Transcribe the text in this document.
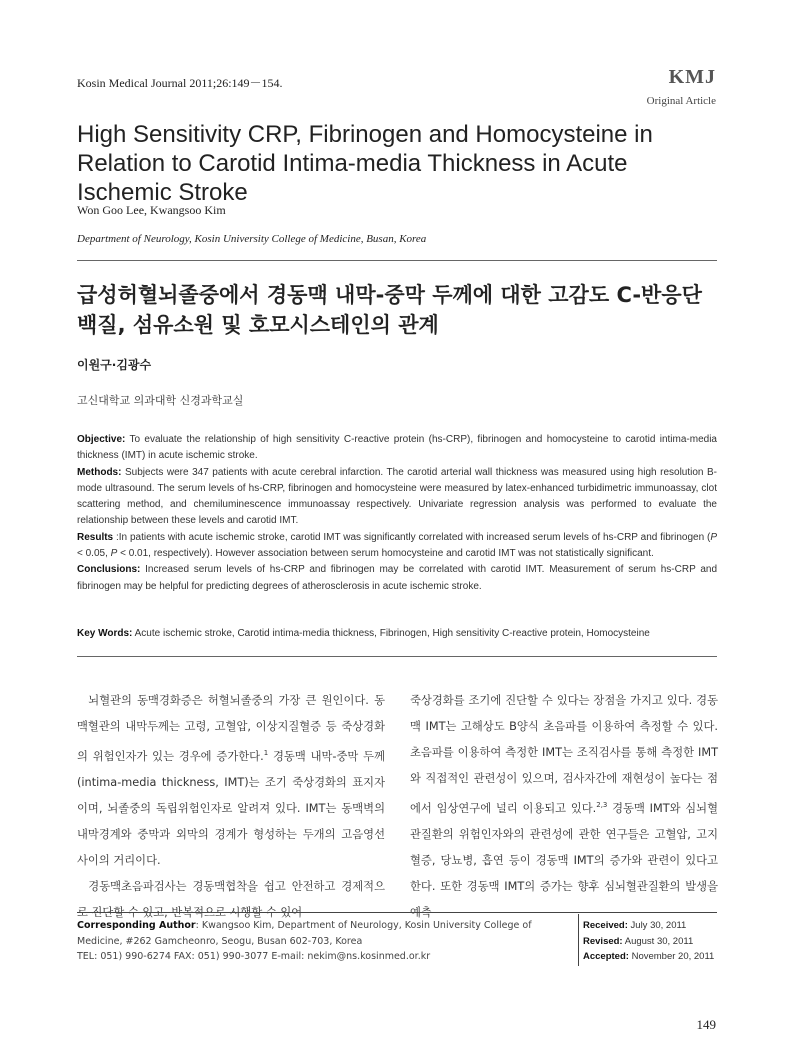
Kosin Medical Journal 2011;26:149－154.	KMJ
Original Article
High Sensitivity CRP, Fibrinogen and Homocysteine in Relation to Carotid Intima-media Thickness in Acute Ischemic Stroke
Won Goo Lee, Kwangsoo Kim
Department of Neurology, Kosin University College of Medicine, Busan, Korea
급성허혈뇌졸중에서 경동맥 내막-중막 두께에 대한 고감도 C-반응단백질, 섬유소원 및 호모시스테인의 관계
이원구·김광수
고신대학교 의과대학 신경과학교실

Objective: To evaluate the relationship of high sensitivity C-reactive protein (hs-CRP), fibrinogen and homocysteine to carotid intima-media thickness (IMT) in acute ischemic stroke.

Methods: Subjects were 347 patients with acute cerebral infarction. The carotid arterial wall thickness was measured using high resolution B-mode ultrasound. The serum levels of hs-CRP, fibrinogen and homocysteine were measured by latex-enhanced turbidimetric immunoassay, clot scattering method, and chemiluminescence immunoassay respectively. Univariate regression analysis was performed to evaluate the relationship between these levels and carotid IMT.

Results :In patients with acute ischemic stroke, carotid IMT was significantly correlated with increased serum levels of hs-CRP and fibrinogen (P < 0.05, P < 0.01, respectively). However association between serum homocysteine and carotid IMT was not statistically significant.

Conclusions: Increased serum levels of hs-CRP and fibrinogen may be correlated with carotid IMT. Measurement of serum hs-CRP and fibrinogen may be helpful for predicting degrees of atherosclerosis in acute ischemic stroke.

Key Words: Acute ischemic stroke, Carotid intima-media thickness, Fibrinogen, High sensitivity C-reactive protein, Homocysteine

뇌혈관의 동맥경화증은 허혈뇌졸중의 가장 큰 원인이다. 동맥혈관의 내막두께는 고령, 고혈압, 이상지질혈증 등 죽상경화의 위험인자가 있는 경우에 증가한다.$^1$ 경동맥 내막-중막 두께(intima-media thickness, IMT)는 조기 죽상경화의 표지자이며, 뇌졸중의 독립위험인자로 알려져 있다. IMT는 동맥벽의 내막경계와 중막과 외막의 경계가 형성하는 두개의 고음영선 사이의 거리이다.

경동맥초음파검사는 경동맥협착을 쉽고 안전하고 경제적으로 진단할 수 있고, 반복적으로 시행할 수 있어

죽상경화를 조기에 진단할 수 있다는 장점을 가지고 있다. 경동맥 IMT는 고해상도 B양식 초음파를 이용하여 측정할 수 있다. 초음파를 이용하여 측정한 IMT는 조직검사를 통해 측정한 IMT와 직접적인 관련성이 있으며, 검사자간에 재현성이 높다는 점에서 임상연구에 널리 이용되고 있다.$^{2,3}$ 경동맥 IMT와 심뇌혈관질환의 위험인자와의 관련성에 관한 연구들은 고혈압, 고지혈증, 당뇨병, 흡연 등이 경동맥 IMT의 증가와 관련이 있다고 한다. 또한 경동맥 IMT의 증가는 향후 심뇌혈관질환의 발생을 예측

Corresponding Author: Kwangsoo Kim, Department of Neurology, Kosin University College of
Medicine, #262 Gamcheonro, Seogu, Busan 602-703, Korea
TEL: 051) 990-6274 FAX: 051) 990-3077 E-mail: nekim@ns.kosinmed.or.kr
Received: July 30, 2011
Revised: August 30, 2011
Accepted: November 20, 2011
149
